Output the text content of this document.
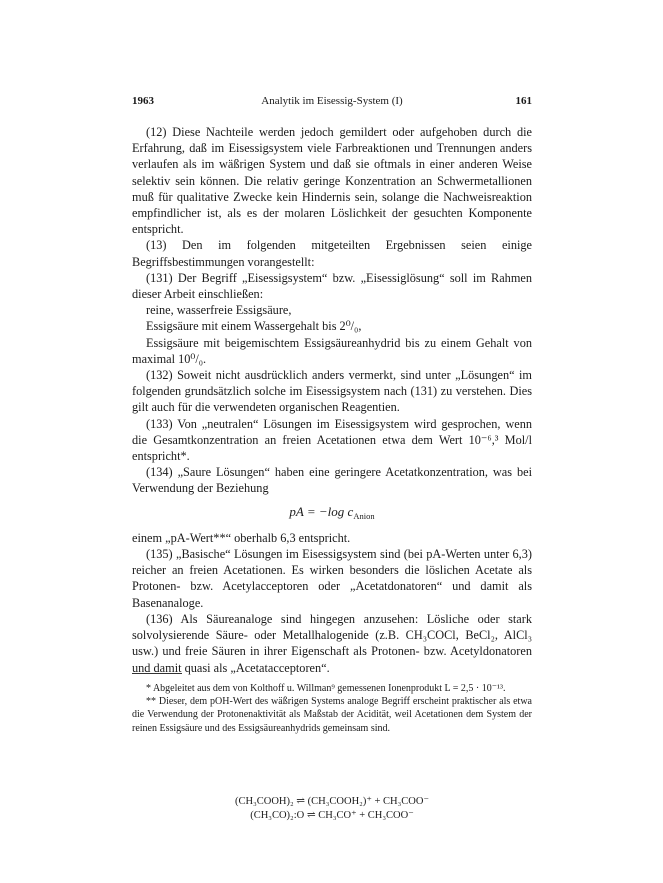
1963	Analytik im Eisessig-System (I)	161

(12) Diese Nachteile werden jedoch gemildert oder aufgehoben durch die Erfahrung, daß im Eisessigsystem viele Farbreaktionen und Trennungen anders verlaufen als im wäßrigen System und daß sie oftmals in einer anderen Weise selektiv sein können. Die relativ geringe Konzentration an Schwermetallionen muß für qualitative Zwecke kein Hindernis sein, solange die Nachweisreaktion empfindlicher ist, als es der molaren Löslichkeit der gesuchten Komponente entspricht.

(13) Den im folgenden mitgeteilten Ergebnissen seien einige Begriffsbestimmungen vorangestellt:

(131) Der Begriff „Eisessigsystem“ bzw. „Eisessiglösung“ soll im Rahmen dieser Arbeit einschließen:

reine, wasserfreie Essigsäure,

Essigsäure mit einem Wassergehalt bis 2⁰/₀,

Essigsäure mit beigemischtem Essigsäureanhydrid bis zu einem Gehalt von maximal 10⁰/₀.

(132) Soweit nicht ausdrücklich anders vermerkt, sind unter „Lösungen“ im folgenden grundsätzlich solche im Eisessigsystem nach (131) zu verstehen. Dies gilt auch für die verwendeten organischen Reagentien.

(133) Von „neutralen“ Lösungen im Eisessigsystem wird gesprochen, wenn die Gesamtkonzentration an freien Acetationen etwa dem Wert 10⁻⁶,³ Mol/l entspricht*.

(134) „Saure Lösungen“ haben eine geringere Acetatkonzentration, was bei Verwendung der Beziehung

pA = −log $c_{Anion}$

einem „pA-Wert**“ oberhalb 6,3 entspricht.

(135) „Basische“ Lösungen im Eisessigsystem sind (bei pA-Werten unter 6,3) reicher an freien Acetationen. Es wirken besonders die löslichen Acetate als Protonen- bzw. Acetylacceptoren oder „Acetatdonatoren“ und damit als Basenanaloge.

(136) Als Säureanaloge sind hingegen anzusehen: Lösliche oder stark solvolysierende Säure- oder Metallhalogenide (z.B. CH₃COCl, BeCl₂, AlCl₃ usw.) und freie Säuren in ihrer Eigenschaft als Protonen- bzw. Acetyldonatoren und damit quasi als „Acetatacceptoren“.

* Abgeleitet aus dem von Kolthoff u. Willman⁹ gemessenen Ionenprodukt L = 2,5 · 10⁻¹³.

** Dieser, dem pOH-Wert des wäßrigen Systems analoge Begriff erscheint praktischer als etwa die Verwendung der Protonenaktivität als Maßstab der Acidität, weil Acetationen dem System der reinen Essigsäure und des Essigsäureanhydrids gemeinsam sind.

(CH₃COOH)₂ ⇌ (CH₃COOH₂)⁺ + CH₃COO⁻
(CH₃CO)₂:O ⇌ CH₃CO⁺ + CH₃COO⁻
